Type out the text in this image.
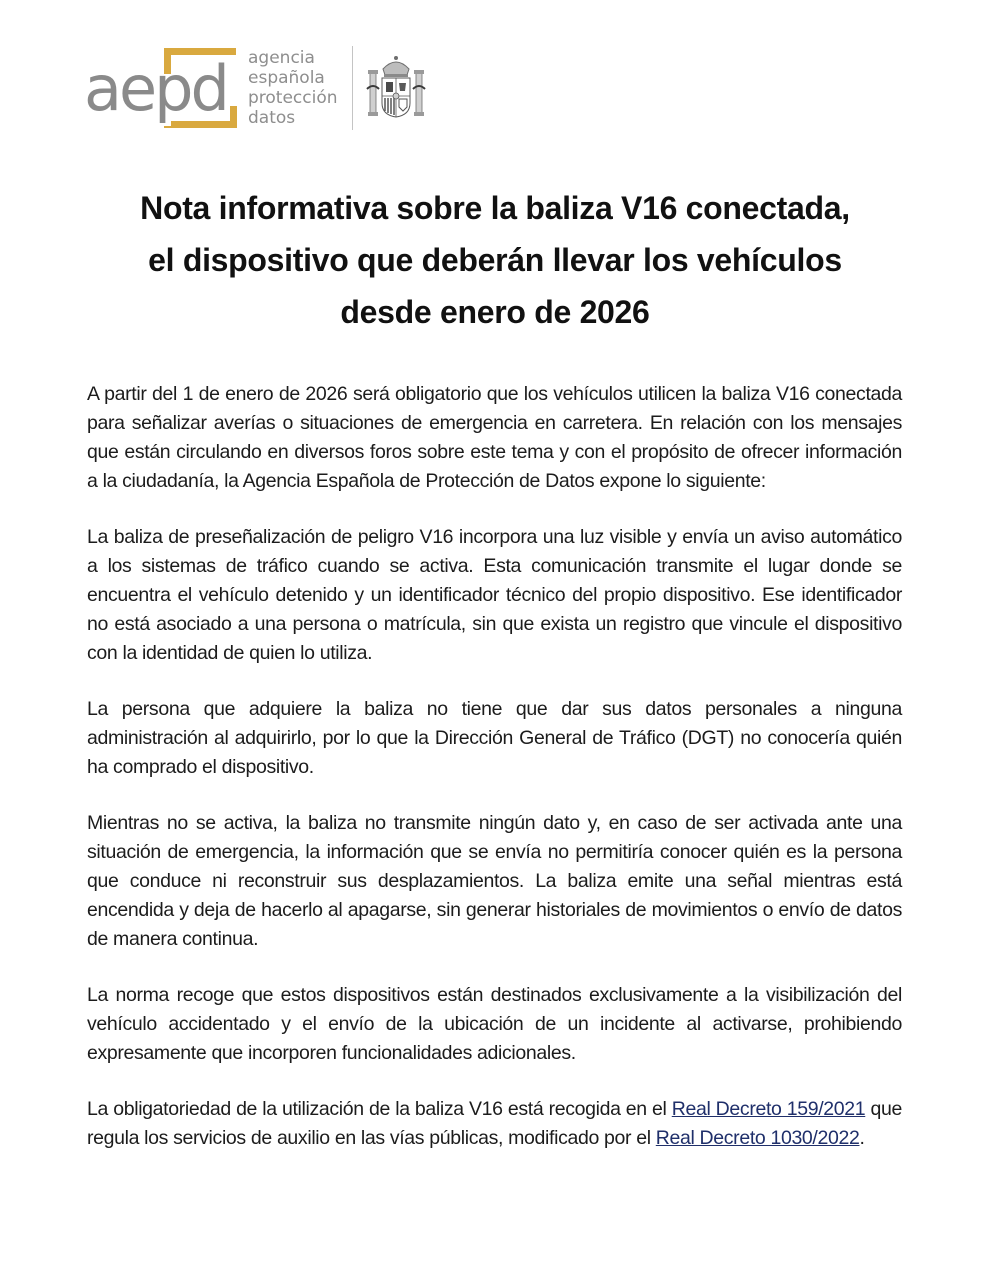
aepd agencia
española
protección
datos
Nota informativa sobre la baliza V16 conectada,
el dispositivo que deberán llevar los vehículos
desde enero de 2026

A partir del 1 de enero de 2026 será obligatorio que los vehículos utilicen la baliza V16 conectada para señalizar averías o situaciones de emergencia en carretera. En relación con los mensajes que están circulando en diversos foros sobre este tema y con el propósito de ofrecer información a la ciudadanía, la Agencia Española de Protección de Datos expone lo siguiente:

La baliza de preseñalización de peligro V16 incorpora una luz visible y envía un aviso automático a los sistemas de tráfico cuando se activa. Esta comunicación transmite el lugar donde se encuentra el vehículo detenido y un identificador técnico del propio dispositivo. Ese identificador no está asociado a una persona o matrícula, sin que exista un registro que vincule el dispositivo con la identidad de quien lo utiliza.

La persona que adquiere la baliza no tiene que dar sus datos personales a ninguna administración al adquirirlo, por lo que la Dirección General de Tráfico (DGT) no conocería quién ha comprado el dispositivo.

Mientras no se activa, la baliza no transmite ningún dato y, en caso de ser activada ante una situación de emergencia, la información que se envía no permitiría conocer quién es la persona que conduce ni reconstruir sus desplazamientos. La baliza emite una señal mientras está encendida y deja de hacerlo al apagarse, sin generar historiales de movimientos o envío de datos de manera continua.

La norma recoge que estos dispositivos están destinados exclusivamente a la visibilización del vehículo accidentado y el envío de la ubicación de un incidente al activarse, prohibiendo expresamente que incorporen funcionalidades adicionales.

La obligatoriedad de la utilización de la baliza V16 está recogida en el Real Decreto 159/2021 que regula los servicios de auxilio en las vías públicas, modificado por el Real Decreto 1030/2022.
